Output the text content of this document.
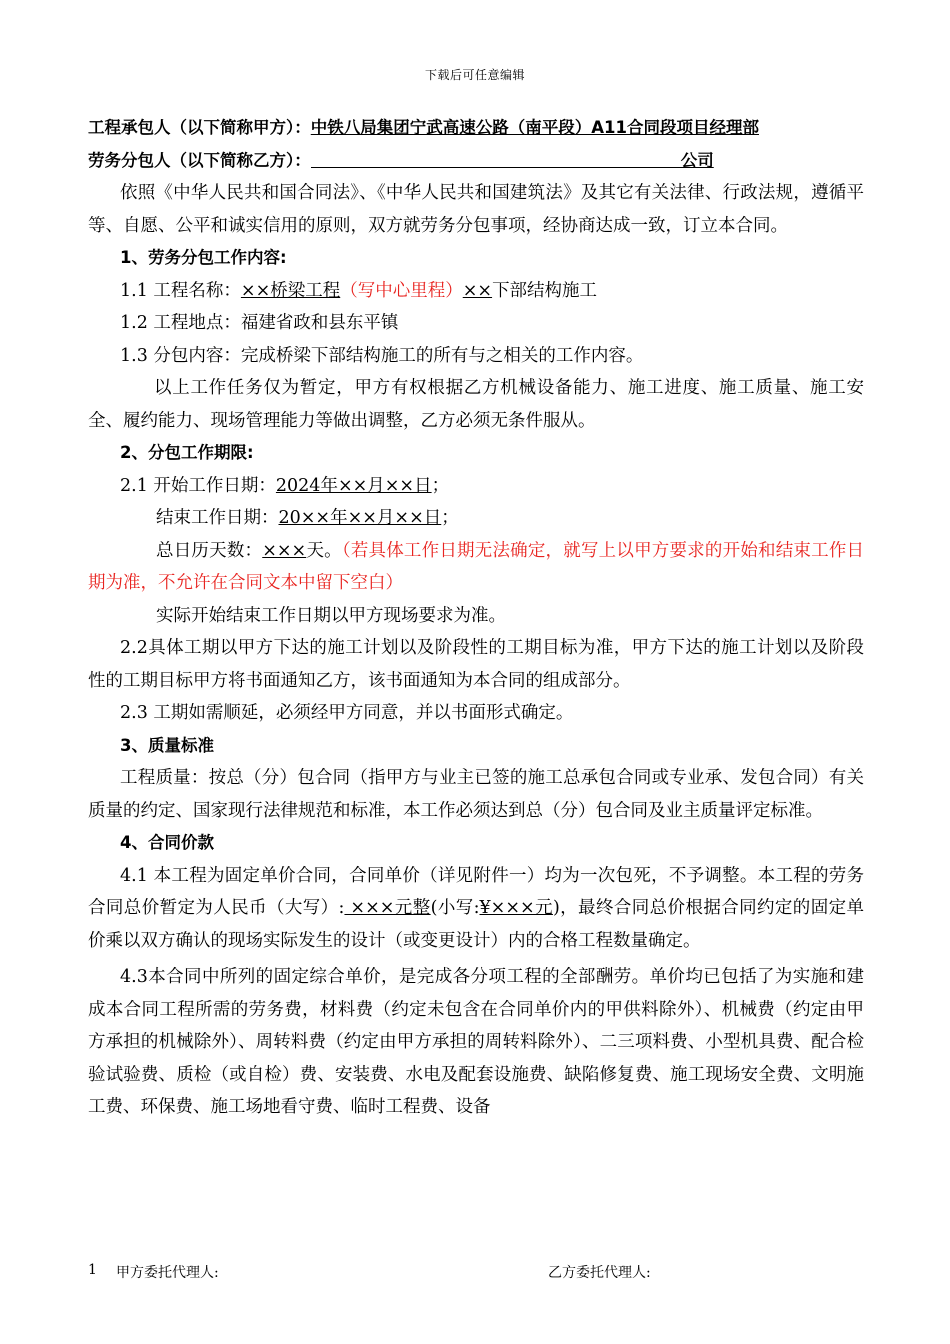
下载后可任意编辑
工程承包人（以下简称甲方）：中铁八局集团宁武高速公路（南平段）A11合同段项目经理部
劳务分包人（以下简称乙方）：	公司
依照《中华人民共和国合同法》、《中华人民共和国建筑法》及其它有关法律、行政法规，遵循平等、自愿、公平和诚实信用的原则，双方就劳务分包事项，经协商达成一致，订立本合同。
1、劳务分包工作内容:
1.1 工程名称：××桥梁工程（写中心里程）××下部结构施工
1.2 工程地点：福建省政和县东平镇
1.3 分包内容：完成桥梁下部结构施工的所有与之相关的工作内容。
以上工作任务仅为暂定，甲方有权根据乙方机械设备能力、施工进度、施工质量、施工安全、履约能力、现场管理能力等做出调整，乙方必须无条件服从。
2、分包工作期限:
2.1 开始工作日期：2024年××月××日；
结束工作日期：20××年××月××日；
总日历天数：×××天。（若具体工作日期无法确定，就写上以甲方要求的开始和结束工作日期为准，不允许在合同文本中留下空白）
实际开始结束工作日期以甲方现场要求为准。
2.2具体工期以甲方下达的施工计划以及阶段性的工期目标为准，甲方下达的施工计划以及阶段性的工期目标甲方将书面通知乙方，该书面通知为本合同的组成部分。
2.3 工期如需顺延，必须经甲方同意，并以书面形式确定。
3、质量标准
工程质量：按总（分）包合同（指甲方与业主已签的施工总承包合同或专业承、发包合同）有关质量的约定、国家现行法律规范和标准，本工作必须达到总（分）包合同及业主质量评定标准。
4、合同价款
4.1 本工程为固定单价合同，合同单价（详见附件一）均为一次包死，不予调整。本工程的劳务合同总价暂定为人民币（大写）: ×××元整(小写:¥×××元)，最终合同总价根据合同约定的固定单价乘以双方确认的现场实际发生的设计（或变更设计）内的合格工程数量确定。
4.3本合同中所列的固定综合单价，是完成各分项工程的全部酬劳。单价均已包括了为实施和建成本合同工程所需的劳务费，材料费（约定未包含在合同单价内的甲供料除外）、机械费（约定由甲方承担的机械除外）、周转料费（约定由甲方承担的周转料除外）、二三项料费、小型机具费、配合检验试验费、质检（或自检）费、安装费、水电及配套设施费、缺陷修复费、施工现场安全费、文明施工费、环保费、施工场地看守费、临时工程费、设备
1 甲方委托代理人:	乙方委托代理人:
